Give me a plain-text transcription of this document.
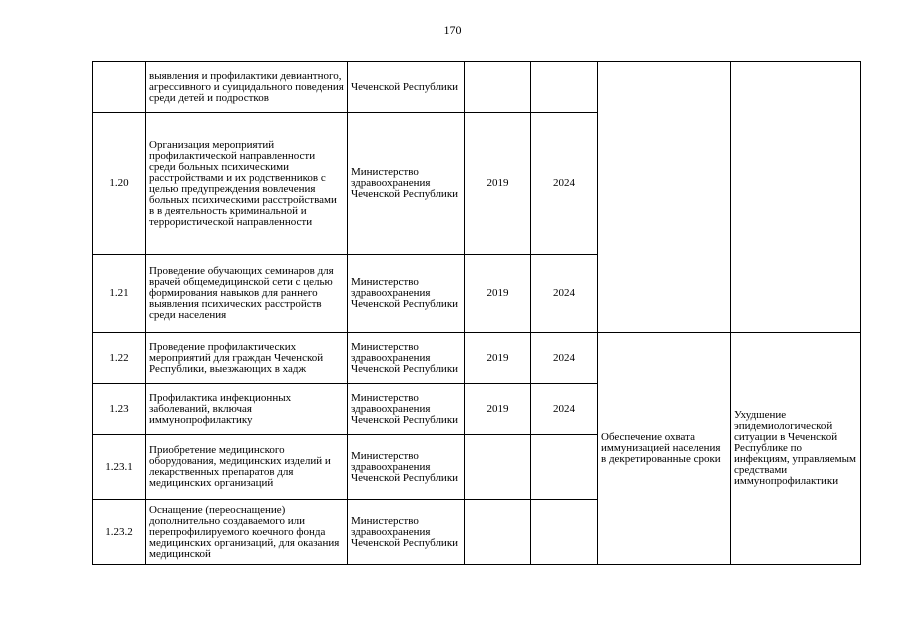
170
	выявления и профилактики девиантного, агрессивного и суицидального поведения среди детей и подростков	Чеченской Республики				
1.20	Организация мероприятий профилактической направленности среди больных психическими расстройствами и их родственников с целью предупреждения вовлечения больных психическими расстройствами в в деятельность криминальной и террористической направленности	Министерство здравоохранения Чеченской Республики	2019	2024		
1.21	Проведение обучающих семинаров для врачей общемедицинской сети с целью формирования навыков для раннего выявления психических расстройств среди населения	Министерство здравоохранения Чеченской Республики	2019	2024		
1.22	Проведение профилактических мероприятий для граждан Чеченской Республики, выезжающих в хадж	Министерство здравоохранения Чеченской Республики	2019	2024	Обеспечение охвата иммунизацией населения в декретированные сроки	Ухудшение эпидемиологической ситуации в Чеченской Республике по инфекциям, управляемым средствами иммунопрофилактики
1.23	Профилактика инфекционных заболеваний, включая иммунопрофилактику	Министерство здравоохранения Чеченской Республики	2019	2024		
1.23.1	Приобретение медицинского оборудования, медицинских изделий и лекарственных препаратов для медицинских организаций	Министерство здравоохранения Чеченской Республики				
1.23.2	Оснащение (переоснащение) дополнительно создаваемого или перепрофилируемого коечного фонда медицинских организаций, для оказания медицинской	Министерство здравоохранения Чеченской Республики				
